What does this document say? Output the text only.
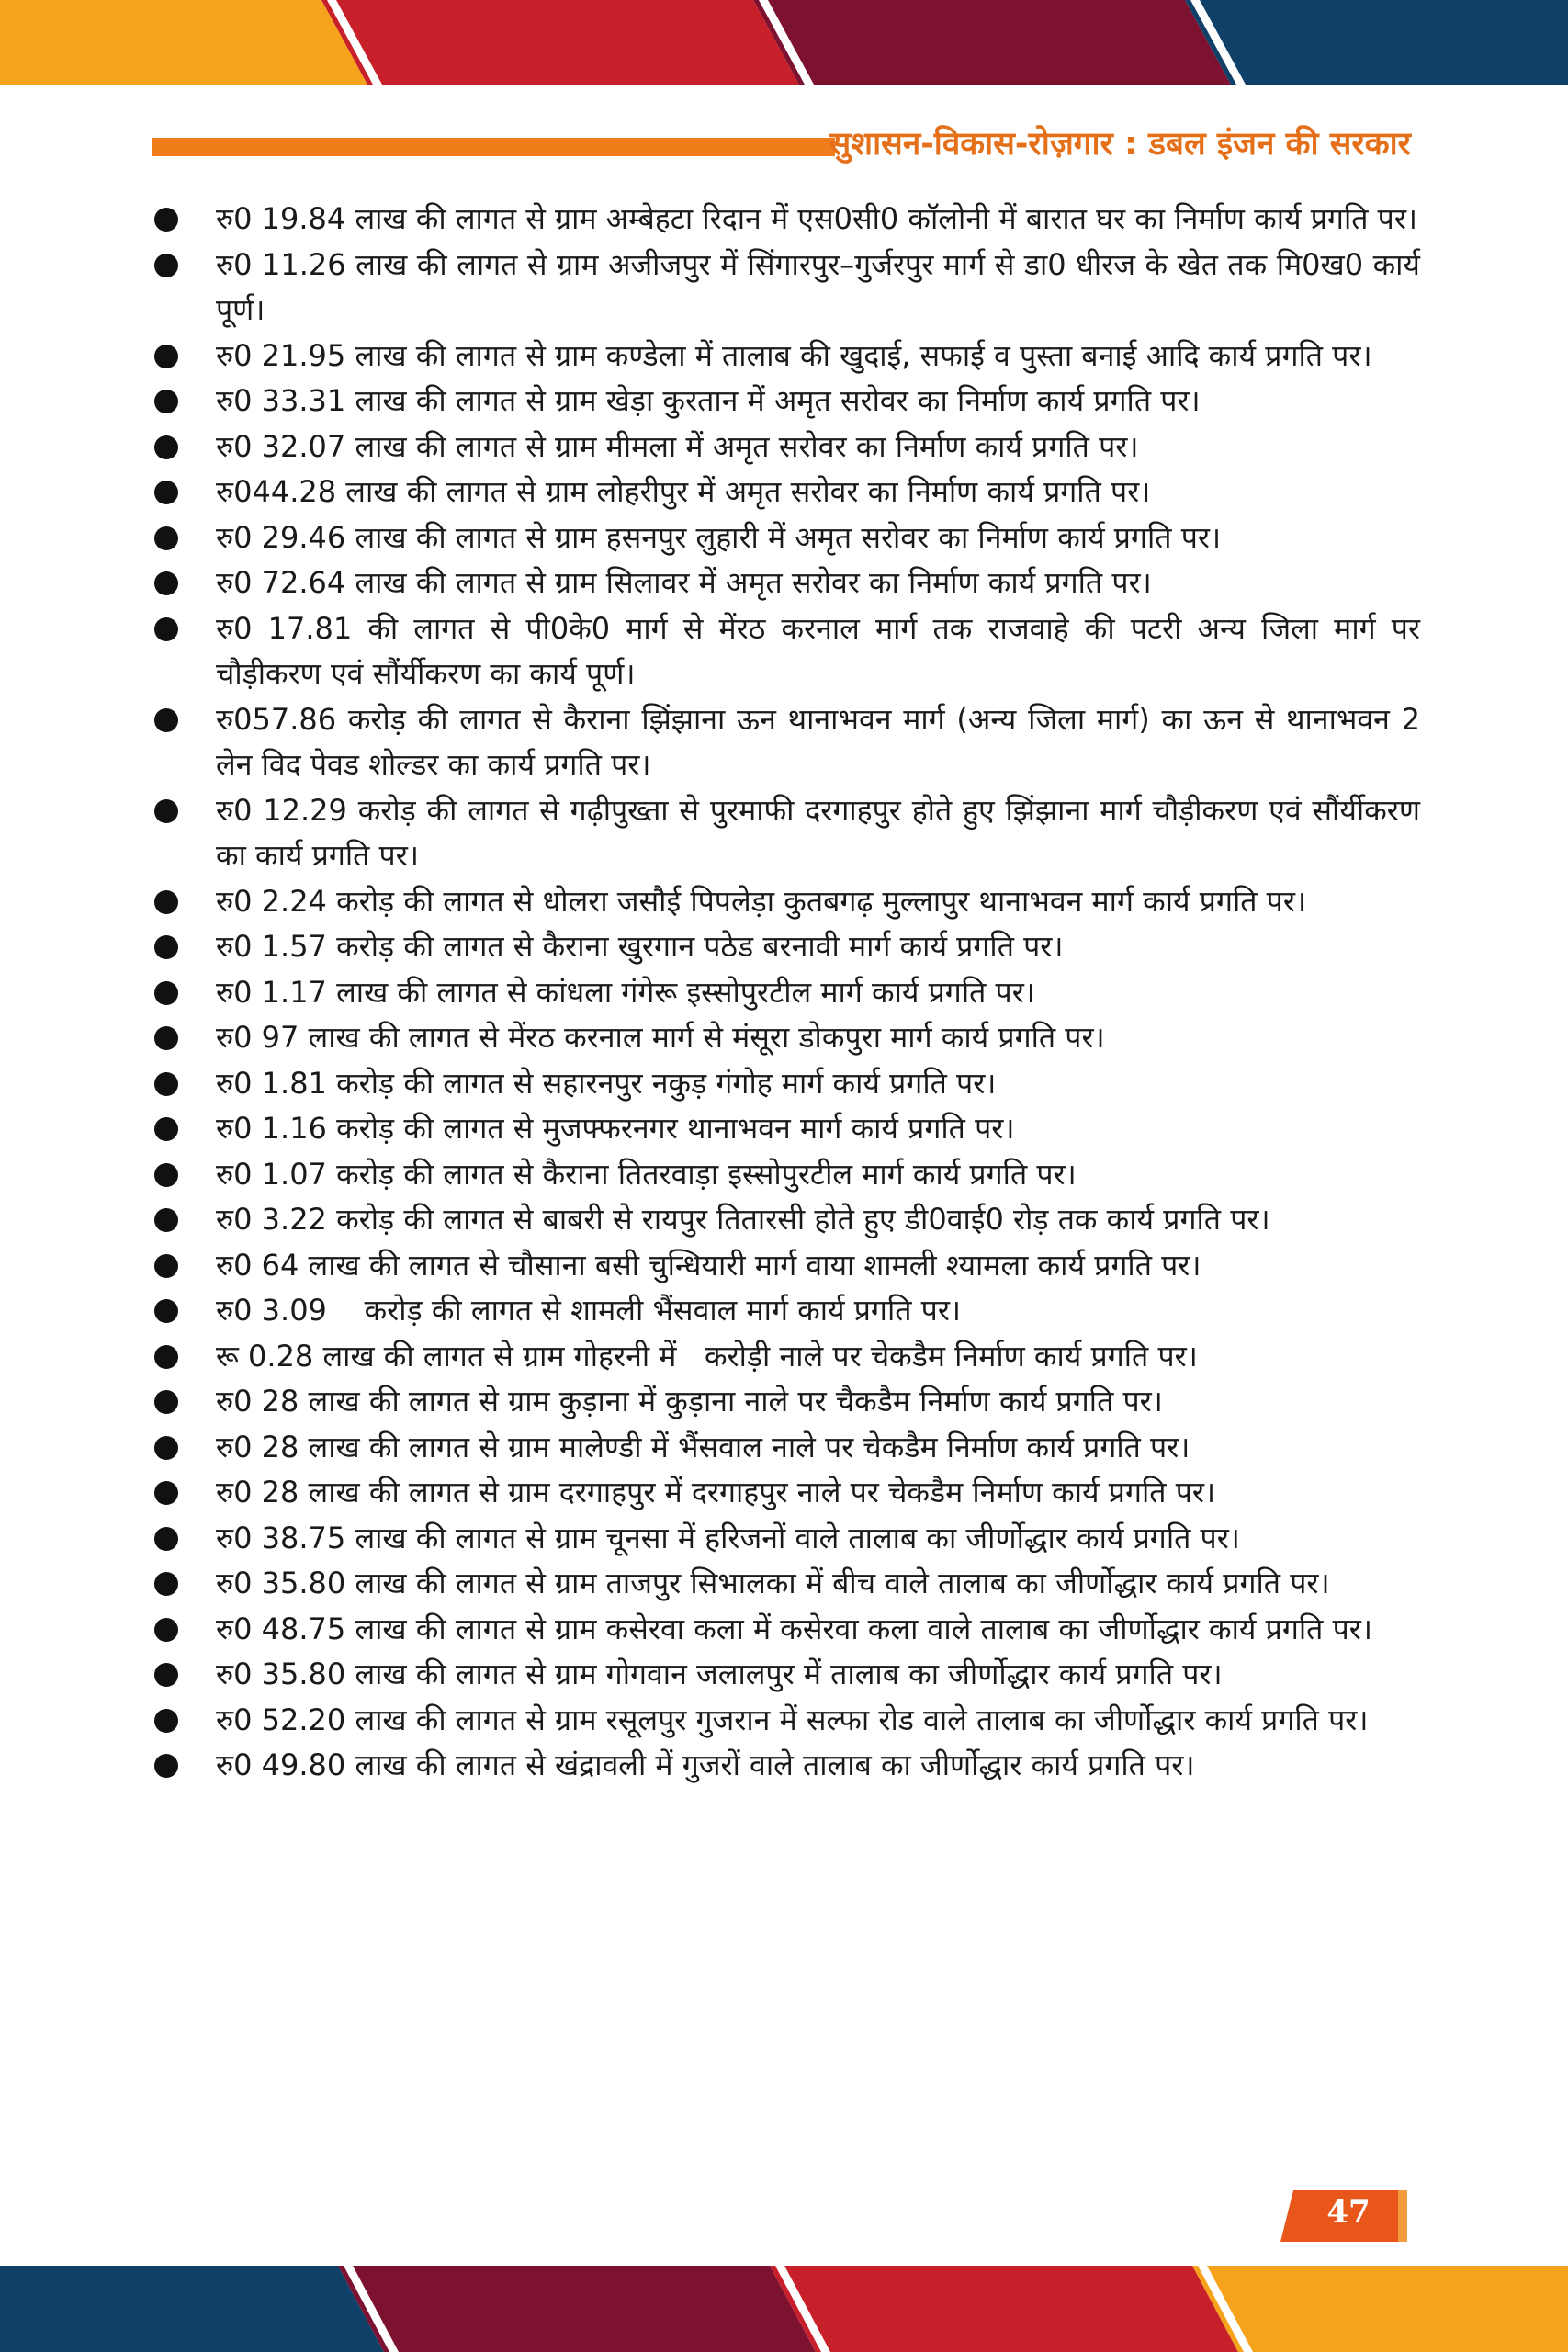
सुशासन-विकास-रोज़गार : डबल इंजन की सरकार
रु0 19.84 लाख की लागत से ग्राम अम्बेहटा रिदान में एस0सी0 कॉलोनी में बारात घर का निर्माण कार्य प्रगति पर।
रु0 11.26 लाख की लागत से ग्राम अजीजपुर में सिंगारपुर–गुर्जरपुर मार्ग से डा0 धीरज के खेत तक मि0ख0 कार्य पूर्ण।
रु0 21.95 लाख की लागत से ग्राम कण्डेला में तालाब की खुदाई, सफाई व पुस्ता बनाई आदि कार्य प्रगति पर।
रु0 33.31 लाख की लागत से ग्राम खेड़ा कुरतान में अमृत सरोवर का निर्माण कार्य प्रगति पर।
रु0 32.07 लाख की लागत से ग्राम मीमला में अमृत सरोवर का निर्माण कार्य प्रगति पर।
रु044.28 लाख की लागत से ग्राम लोहरीपुर में अमृत सरोवर का निर्माण कार्य प्रगति पर।
रु0 29.46 लाख की लागत से ग्राम हसनपुर लुहारी में अमृत सरोवर का निर्माण कार्य प्रगति पर।
रु0 72.64 लाख की लागत से ग्राम सिलावर में अमृत सरोवर का निर्माण कार्य प्रगति पर।
रु0 17.81 की लागत से पी0के0 मार्ग से मेंरठ करनाल मार्ग तक राजवाहे की पटरी अन्य जिला मार्ग पर चौड़ीकरण एवं सौंर्यीकरण का कार्य पूर्ण।
रु057.86 करोड़ की लागत से कैराना झिंझाना ऊन थानाभवन मार्ग (अन्य जिला मार्ग) का ऊन से थानाभवन 2 लेन विद पेवड शोल्डर का कार्य प्रगति पर।
रु0 12.29 करोड़ की लागत से गढ़ीपुख्ता से पुरमाफी दरगाहपुर होते हुए झिंझाना मार्ग चौड़ीकरण एवं सौंर्यीकरण का कार्य प्रगति पर।
रु0 2.24 करोड़ की लागत से धोलरा जसौई पिपलेड़ा कुतबगढ़ मुल्लापुर थानाभवन मार्ग कार्य प्रगति पर।
रु0 1.57 करोड़ की लागत से कैराना खुरगान पठेड बरनावी मार्ग कार्य प्रगति पर।
रु0 1.17 लाख की लागत से कांधला गंगेरू इस्सोपुरटील मार्ग कार्य प्रगति पर।
रु0 97 लाख की लागत से मेंरठ करनाल मार्ग से मंसूरा डोकपुरा मार्ग कार्य प्रगति पर।
रु0 1.81 करोड़ की लागत से सहारनपुर नकुड़ गंगोह मार्ग कार्य प्रगति पर।
रु0 1.16 करोड़ की लागत से मुजफ्फरनगर थानाभवन मार्ग कार्य प्रगति पर।
रु0 1.07 करोड़ की लागत से कैराना तितरवाड़ा इस्सोपुरटील मार्ग कार्य प्रगति पर।
रु0 3.22 करोड़ की लागत से बाबरी से रायपुर तितारसी होते हुए डी0वाई0 रोड़ तक कार्य प्रगति पर।
रु0 64 लाख की लागत से चौसाना बसी चुन्धियारी मार्ग वाया शामली श्यामला कार्य प्रगति पर।
रु0 3.09    करोड़ की लागत से शामली भैंसवाल मार्ग कार्य प्रगति पर।
रू 0.28 लाख की लागत से ग्राम गोहरनी में   करोड़ी नाले पर चेकडैम निर्माण कार्य प्रगति पर।
रु0 28 लाख की लागत से ग्राम कुड़ाना में कुड़ाना नाले पर चैकडैम निर्माण कार्य प्रगति पर।
रु0 28 लाख की लागत से ग्राम मालेण्डी में भैंसवाल नाले पर चेकडैम निर्माण कार्य प्रगति पर।
रु0 28 लाख की लागत से ग्राम दरगाहपुर में दरगाहपुर नाले पर चेकडैम निर्माण कार्य प्रगति पर।
रु0 38.75 लाख की लागत से ग्राम चूनसा में हरिजनों वाले तालाब का जीर्णोद्धार कार्य प्रगति पर।
रु0 35.80 लाख की लागत से ग्राम ताजपुर सिभालका में बीच वाले तालाब का जीर्णोद्धार कार्य प्रगति पर।
रु0 48.75 लाख की लागत से ग्राम कसेरवा कला में कसेरवा कला वाले तालाब का जीर्णोद्धार कार्य प्रगति पर।
रु0 35.80 लाख की लागत से ग्राम गोगवान जलालपुर में तालाब का जीर्णोद्धार कार्य प्रगति पर।
रु0 52.20 लाख की लागत से ग्राम रसूलपुर गुजरान में सल्फा रोड वाले तालाब का जीर्णोद्धार कार्य प्रगति पर।
रु0 49.80 लाख की लागत से खंद्रावली में गुजरों वाले तालाब का जीर्णोद्धार कार्य प्रगति पर।
47
